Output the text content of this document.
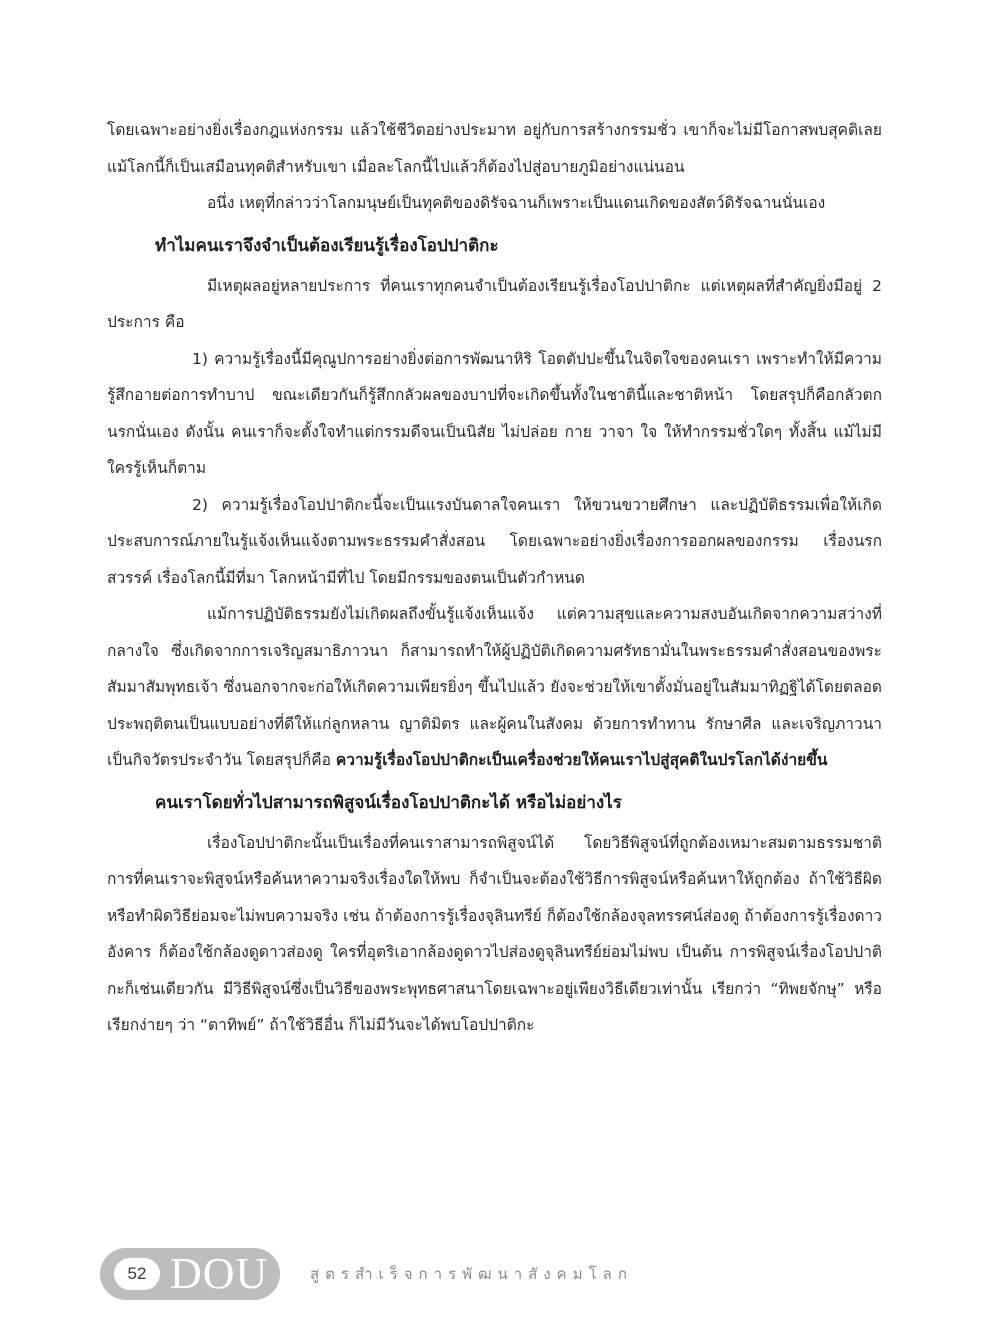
โดยเฉพาะอย่างยิ่งเรื่องกฎแห่งกรรม แล้วใช้ชีวิตอย่างประมาท อยู่กับการสร้างกรรมชั่ว เขาก็จะไม่มีโอกาสพบสุคติเลย แม้โลกนี้ก็เป็นเสมือนทุคติสำหรับเขา เมื่อละโลกนี้ไปแล้วก็ต้องไปสู่อบายภูมิอย่างแน่นอน

อนึ่ง เหตุที่กล่าวว่าโลกมนุษย์เป็นทุคติของดิรัจฉานก็เพราะเป็นแดนเกิดของสัตว์ดิรัจฉานนั่นเอง

ทำไมคนเราจึงจำเป็นต้องเรียนรู้เรื่องโอปปาติกะ

มีเหตุผลอยู่หลายประการ ที่คนเราทุกคนจำเป็นต้องเรียนรู้เรื่องโอปปาติกะ แต่เหตุผลที่สำคัญยิ่งมีอยู่ 2 ประการ คือ

1) ความรู้เรื่องนี้มีคุณูปการอย่างยิ่งต่อการพัฒนาหิริ โอตตัปปะขึ้นในจิตใจของคนเรา เพราะทำให้มีความรู้สึกอายต่อการทำบาป ขณะเดียวกันก็รู้สึกกลัวผลของบาปที่จะเกิดขึ้นทั้งในชาตินี้และชาติหน้า โดยสรุปก็คือกลัวตกนรกนั่นเอง ดังนั้น คนเราก็จะตั้งใจทำแต่กรรมดีจนเป็นนิสัย ไม่ปล่อย กาย วาจา ใจ ให้ทำกรรมชั่วใดๆ ทั้งสิ้น แม้ไม่มีใครรู้เห็นก็ตาม

2) ความรู้เรื่องโอปปาติกะนี้จะเป็นแรงบันดาลใจคนเรา ให้ขวนขวายศึกษา และปฏิบัติธรรมเพื่อให้เกิดประสบการณ์ภายในรู้แจ้งเห็นแจ้งตามพระธรรมคำสั่งสอน โดยเฉพาะอย่างยิ่งเรื่องการออกผลของกรรม เรื่องนรก สวรรค์ เรื่องโลกนี้มีที่มา โลกหน้ามีที่ไป โดยมีกรรมของตนเป็นตัวกำหนด

แม้การปฏิบัติธรรมยังไม่เกิดผลถึงขั้นรู้แจ้งเห็นแจ้ง แต่ความสุขและความสงบอันเกิดจากความสว่างที่กลางใจ ซึ่งเกิดจากการเจริญสมาธิภาวนา ก็สามารถทำให้ผู้ปฏิบัติเกิดความศรัทธามั่นในพระธรรมคำสั่งสอนของพระสัมมาสัมพุทธเจ้า ซึ่งนอกจากจะก่อให้เกิดความเพียรยิ่งๆ ขึ้นไปแล้ว ยังจะช่วยให้เขาตั้งมั่นอยู่ในสัมมาทิฏฐิได้โดยตลอด ประพฤติตนเป็นแบบอย่างที่ดีให้แก่ลูกหลาน ญาติมิตร และผู้คนในสังคม ด้วยการทำทาน รักษาศีล และเจริญภาวนาเป็นกิจวัตรประจำวัน โดยสรุปก็คือ ความรู้เรื่องโอปปาติกะเป็นเครื่องช่วยให้คนเราไปสู่สุคติในปรโลกได้ง่ายขึ้น

คนเราโดยทั่วไปสามารถพิสูจน์เรื่องโอปปาติกะได้ หรือไม่อย่างไร

เรื่องโอปปาติกะนั้นเป็นเรื่องที่คนเราสามารถพิสูจน์ได้ โดยวิธีพิสูจน์ที่ถูกต้องเหมาะสมตามธรรมชาติ การที่คนเราจะพิสูจน์หรือค้นหาความจริงเรื่องใดให้พบ ก็จำเป็นจะต้องใช้วิธีการพิสูจน์หรือค้นหาให้ถูกต้อง ถ้าใช้วิธีผิดหรือทำผิดวิธีย่อมจะไม่พบความจริง เช่น ถ้าต้องการรู้เรื่องจุลินทรีย์ ก็ต้องใช้กล้องจุลทรรศน์ส่องดู ถ้าต้องการรู้เรื่องดาวอังคาร ก็ต้องใช้กล้องดูดาวส่องดู ใครที่อุตริเอากล้องดูดาวไปส่องดูจุลินทรีย์ย่อมไม่พบ เป็นต้น การพิสูจน์เรื่องโอปปาติกะก็เช่นเดียวกัน มีวิธีพิสูจน์ซึ่งเป็นวิธีของพระพุทธศาสนาโดยเฉพาะอยู่เพียงวิธีเดียวเท่านั้น เรียกว่า “ทิพยจักษุ” หรือเรียกง่ายๆ ว่า “ตาทิพย์” ถ้าใช้วิธีอื่น ก็ไม่มีวันจะได้พบโอปปาติกะ

52 DOU	สูตรสำเร็จการพัฒนาสังคมโลก
